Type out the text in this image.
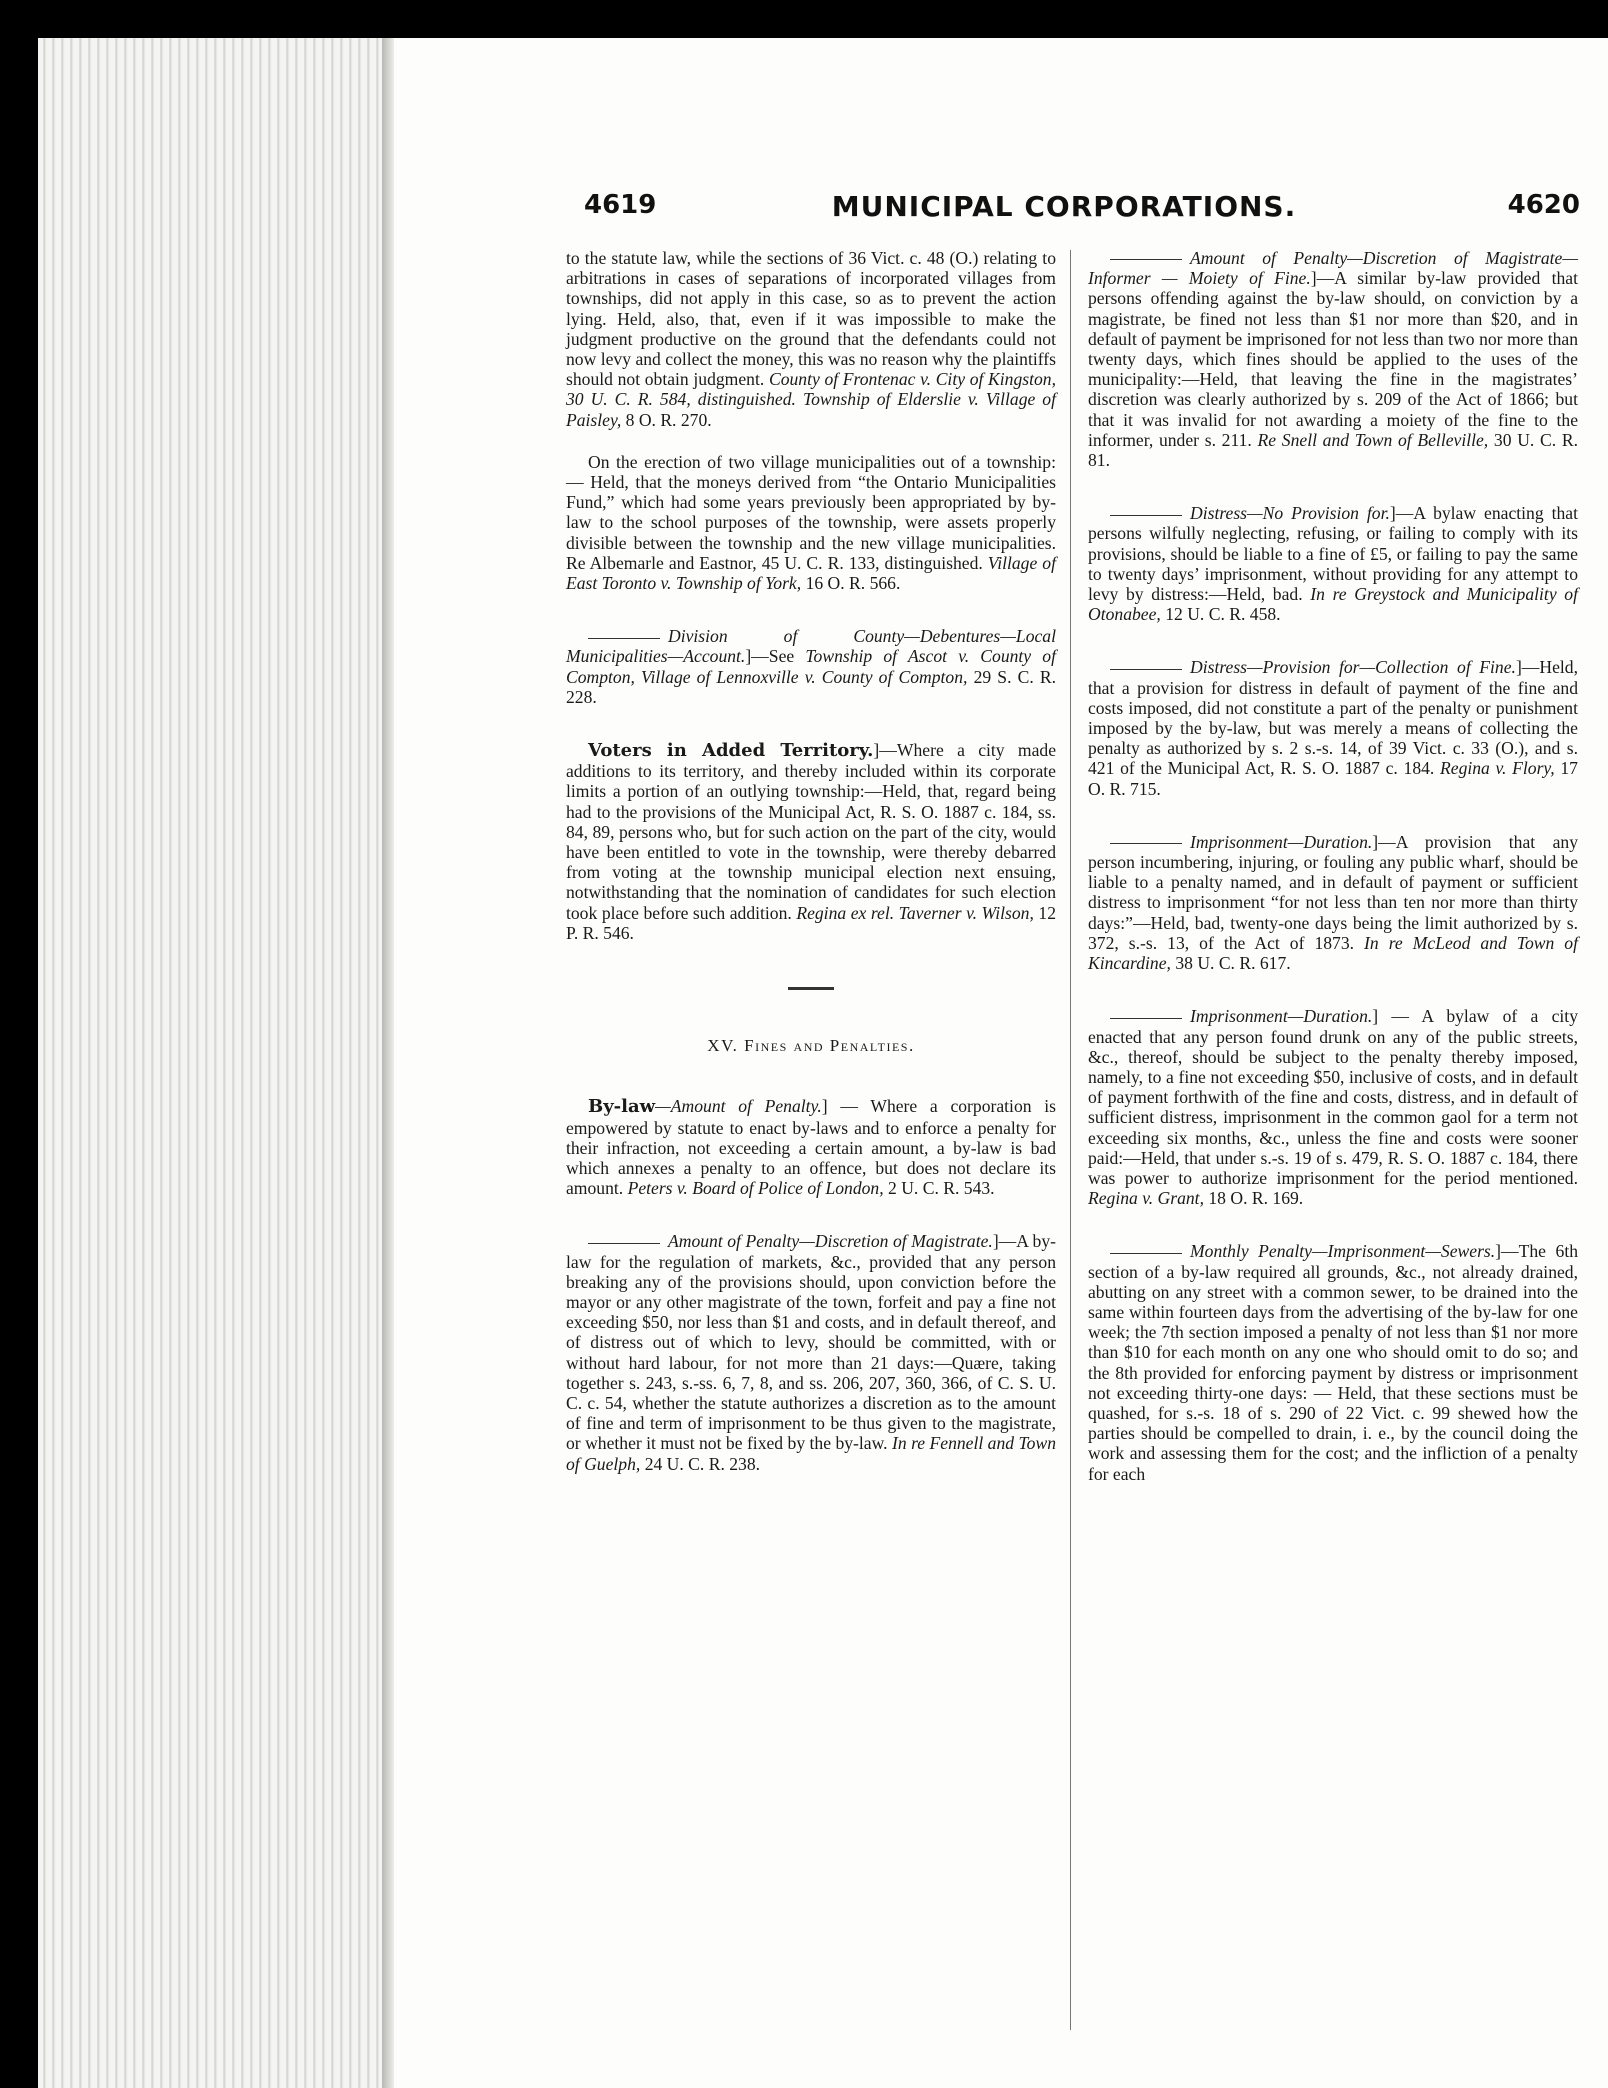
4619	MUNICIPAL CORPORATIONS.	4620

to the statute law, while the sections of 36 Vict. c. 48 (O.) relating to arbitrations in cases of separations of incorporated villages from townships, did not apply in this case, so as to prevent the action lying. Held, also, that, even if it was impossible to make the judgment productive on the ground that the defendants could not now levy and collect the money, this was no reason why the plaintiffs should not obtain judgment. County of Frontenac v. City of Kingston, 30 U. C. R. 584, distinguished. Township of Elderslie v. Village of Paisley, 8 O. R. 270.

On the erection of two village municipalities out of a township: — Held, that the moneys derived from “the Ontario Municipalities Fund,” which had some years previously been appropriated by by-law to the school purposes of the township, were assets properly divisible between the township and the new village municipalities. Re Albemarle and Eastnor, 45 U. C. R. 133, distinguished. Village of East Toronto v. Township of York, 16 O. R. 566.

Division of County—Debentures—Local Municipalities—Account.]—See Township of Ascot v. County of Compton, Village of Lennoxville v. County of Compton, 29 S. C. R. 228.

Voters in Added Territory.]—Where a city made additions to its territory, and thereby included within its corporate limits a portion of an outlying township:—Held, that, regard being had to the provisions of the Municipal Act, R. S. O. 1887 c. 184, ss. 84, 89, persons who, but for such action on the part of the city, would have been entitled to vote in the township, were thereby debarred from voting at the township municipal election next ensuing, notwithstanding that the nomination of candidates for such election took place before such addition. Regina ex rel. Taverner v. Wilson, 12 P. R. 546.

XV. Fines and Penalties.

By-law—Amount of Penalty.] — Where a corporation is empowered by statute to enact by-laws and to enforce a penalty for their infraction, not exceeding a certain amount, a by-law is bad which annexes a penalty to an offence, but does not declare its amount. Peters v. Board of Police of London, 2 U. C. R. 543.

Amount of Penalty—Discretion of Magistrate.]—A by-law for the regulation of markets, &c., provided that any person breaking any of the provisions should, upon conviction before the mayor or any other magistrate of the town, forfeit and pay a fine not exceeding $50, nor less than $1 and costs, and in default thereof, and of distress out of which to levy, should be committed, with or without hard labour, for not more than 21 days:—Quære, taking together s. 243, s.-ss. 6, 7, 8, and ss. 206, 207, 360, 366, of C. S. U. C. c. 54, whether the statute authorizes a discretion as to the amount of fine and term of imprisonment to be thus given to the magistrate, or whether it must not be fixed by the by-law. In re Fennell and Town of Guelph, 24 U. C. R. 238.

Amount of Penalty—Discretion of Magistrate—Informer — Moiety of Fine.]—A similar by-law provided that persons offending against the by-law should, on conviction by a magistrate, be fined not less than $1 nor more than $20, and in default of payment be imprisoned for not less than two nor more than twenty days, which fines should be applied to the uses of the municipality:—Held, that leaving the fine in the magistrates’ discretion was clearly authorized by s. 209 of the Act of 1866; but that it was invalid for not awarding a moiety of the fine to the informer, under s. 211. Re Snell and Town of Belleville, 30 U. C. R. 81.

Distress—No Provision for.]—A bylaw enacting that persons wilfully neglecting, refusing, or failing to comply with its provisions, should be liable to a fine of £5, or failing to pay the same to twenty days’ imprisonment, without providing for any attempt to levy by distress:—Held, bad. In re Greystock and Municipality of Otonabee, 12 U. C. R. 458.

Distress—Provision for—Collection of Fine.]—Held, that a provision for distress in default of payment of the fine and costs imposed, did not constitute a part of the penalty or punishment imposed by the by-law, but was merely a means of collecting the penalty as authorized by s. 2 s.-s. 14, of 39 Vict. c. 33 (O.), and s. 421 of the Municipal Act, R. S. O. 1887 c. 184. Regina v. Flory, 17 O. R. 715.

Imprisonment—Duration.]—A provision that any person incumbering, injuring, or fouling any public wharf, should be liable to a penalty named, and in default of payment or sufficient distress to imprisonment “for not less than ten nor more than thirty days:”—Held, bad, twenty-one days being the limit authorized by s. 372, s.-s. 13, of the Act of 1873. In re McLeod and Town of Kincardine, 38 U. C. R. 617.

Imprisonment—Duration.] — A bylaw of a city enacted that any person found drunk on any of the public streets, &c., thereof, should be subject to the penalty thereby imposed, namely, to a fine not exceeding $50, inclusive of costs, and in default of payment forthwith of the fine and costs, distress, and in default of sufficient distress, imprisonment in the common gaol for a term not exceeding six months, &c., unless the fine and costs were sooner paid:—Held, that under s.-s. 19 of s. 479, R. S. O. 1887 c. 184, there was power to authorize imprisonment for the period mentioned. Regina v. Grant, 18 O. R. 169.

Monthly Penalty—Imprisonment—Sewers.]—The 6th section of a by-law required all grounds, &c., not already drained, abutting on any street with a common sewer, to be drained into the same within fourteen days from the advertising of the by-law for one week; the 7th section imposed a penalty of not less than $1 nor more than $10 for each month on any one who should omit to do so; and the 8th provided for enforcing payment by distress or imprisonment not exceeding thirty-one days: — Held, that these sections must be quashed, for s.-s. 18 of s. 290 of 22 Vict. c. 99 shewed how the parties should be compelled to drain, i. e., by the council doing the work and assessing them for the cost; and the infliction of a penalty for each
